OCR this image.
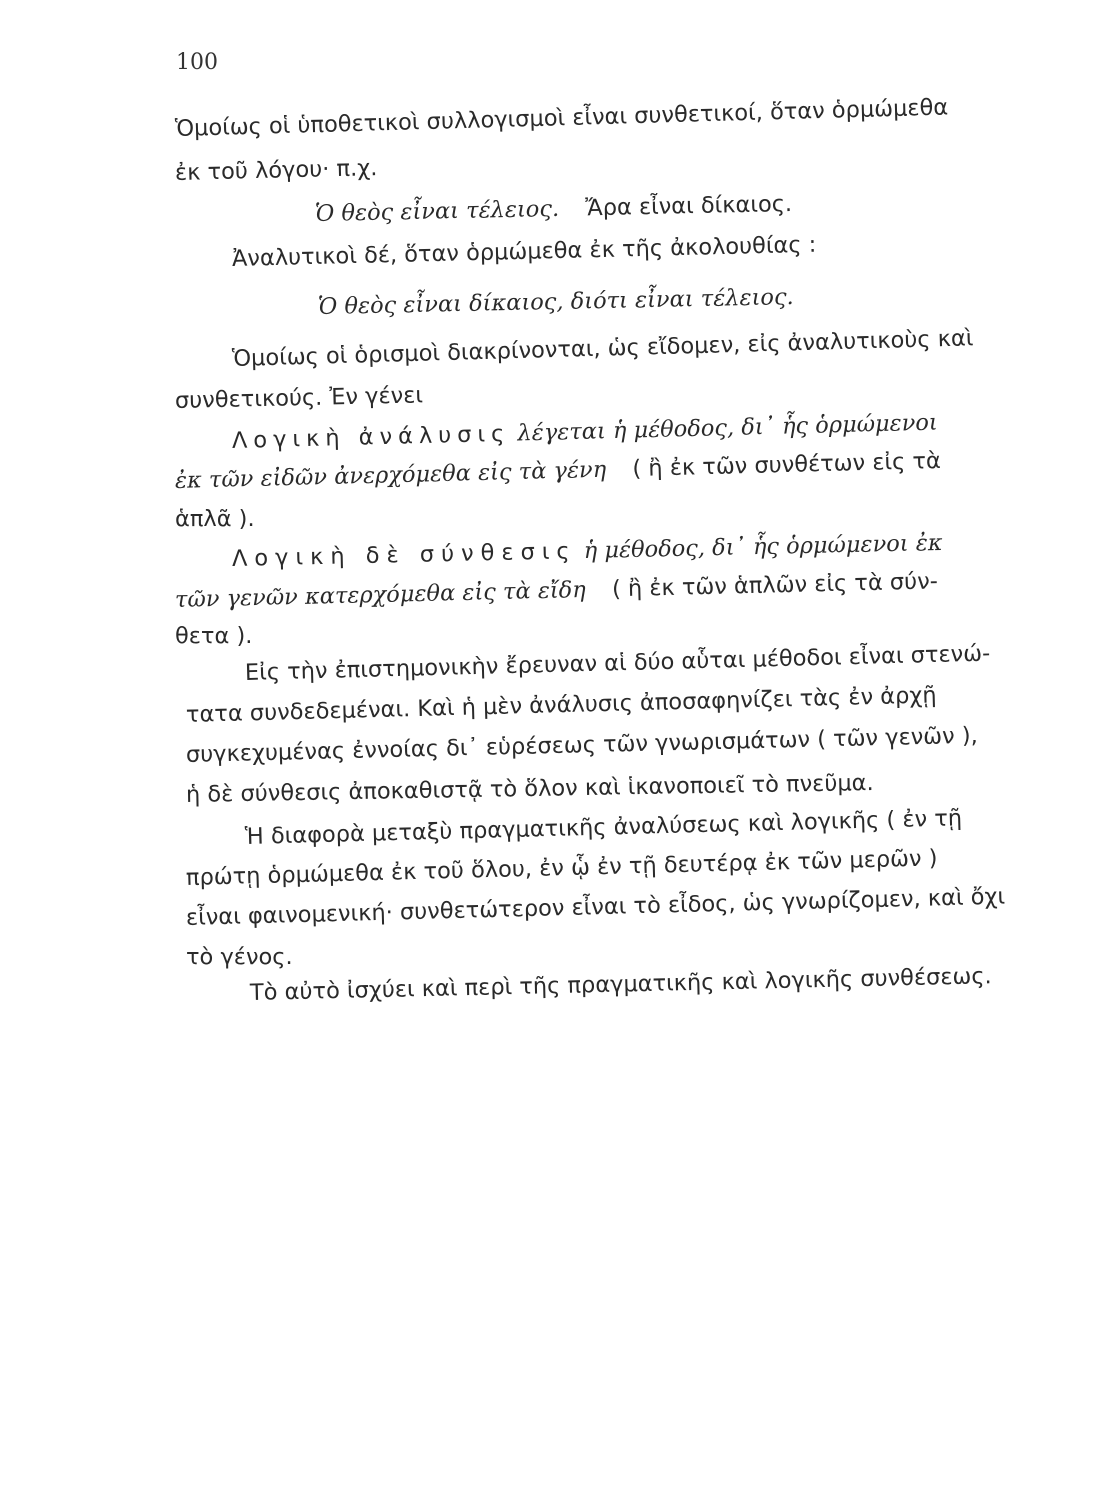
100
Ὁμοίως οἱ ὑποθετικοὶ συλλογισμοὶ εἶναι συνθετικοί, ὅταν ὁρμώμεθα
ἐκ τοῦ λόγου· π.χ.
Ὁ θεὸς εἶναι τέλειος. Ἄρα εἶναι δίκαιος.
Ἀναλυτικοὶ δέ, ὅταν ὁρμώμεθα ἐκ τῆς ἀκολουθίας :
Ὁ θεὸς εἶναι δίκαιος, διότι εἶναι τέλειος.
Ὁμοίως οἱ ὁρισμοὶ διακρίνονται, ὡς εἴδομεν, εἰς ἀναλυτικοὺς καὶ
συνθετικούς. Ἐν γένει
Λογικὴ ἀνάλυσις λέγεται ἡ μέθοδος, δι᾿ ἧς ὁρμώμενοι
ἐκ τῶν εἰδῶν ἀνερχόμεθα εἰς τὰ γένη ( ἢ ἐκ τῶν συνθέτων εἰς τὰ
ἁπλᾶ ).
Λογικὴ δὲ σύνθεσις ἡ μέθοδος, δι᾿ ἧς ὁρμώμενοι ἐκ
τῶν γενῶν κατερχόμεθα εἰς τὰ εἴδη ( ἢ ἐκ τῶν ἁπλῶν εἰς τὰ σύν-
θετα ).
Εἰς τὴν ἐπιστημονικὴν ἔρευναν αἱ δύο αὗται μέθοδοι εἶναι στενώ-
τατα συνδεδεμέναι. Καὶ ἡ μὲν ἀνάλυσις ἀποσαφηνίζει τὰς ἐν ἀρχῇ
συγκεχυμένας ἐννοίας δι᾿ εὑρέσεως τῶν γνωρισμάτων ( τῶν γενῶν ),
ἡ δὲ σύνθεσις ἀποκαθιστᾷ τὸ ὅλον καὶ ἱκανοποιεῖ τὸ πνεῦμα.
Ἡ διαφορὰ μεταξὺ πραγματικῆς ἀναλύσεως καὶ λογικῆς ( ἐν τῇ
πρώτῃ ὁρμώμεθα ἐκ τοῦ ὅλου, ἐν ᾧ ἐν τῇ δευτέρᾳ ἐκ τῶν μερῶν )
εἶναι φαινομενική· συνθετώτερον εἶναι τὸ εἶδος, ὡς γνωρίζομεν, καὶ ὄχι
τὸ γένος.
Τὸ αὐτὸ ἰσχύει καὶ περὶ τῆς πραγματικῆς καὶ λογικῆς συνθέσεως.
